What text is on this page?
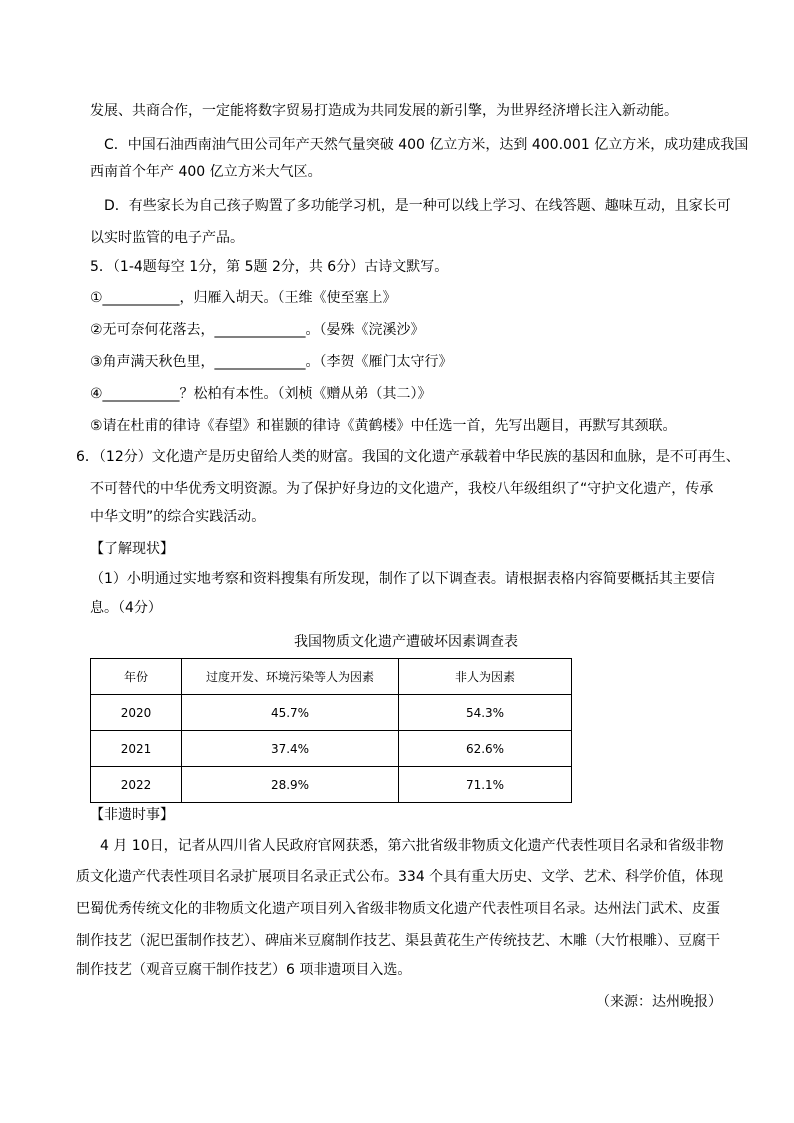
发展、共商合作，一定能将数字贸易打造成为共同发展的新引擎，为世界经济增长注入新动能。
C．中国石油西南油气田公司年产天然气量突破 400 亿立方米，达到 400.001 亿立方米，成功建成我国
西南首个年产 400 亿立方米大气区。
D．有些家长为自己孩子购置了多功能学习机，是一种可以线上学习、在线答题、趣味互动，且家长可
以实时监管的电子产品。
5．（1-4题每空 1分，第 5题 2分，共 6分）古诗文默写。
①___________，归雁入胡天。（王维《使至塞上》
②无可奈何花落去，_____________。（晏殊《浣溪沙》
③角声满天秋色里，_____________。（李贺《雁门太守行》
④___________？松柏有本性。（刘桢《赠从弟（其二）》
⑤请在杜甫的律诗《春望》和崔颢的律诗《黄鹤楼》中任选一首，先写出题目，再默写其颈联。
6．（12分）文化遗产是历史留给人类的财富。我国的文化遗产承载着中华民族的基因和血脉，是不可再生、
不可替代的中华优秀文明资源。为了保护好身边的文化遗产，我校八年级组织了“守护文化遗产，传承
中华文明”的综合实践活动。
【了解现状】
（1）小明通过实地考察和资料搜集有所发现，制作了以下调查表。请根据表格内容简要概括其主要信
息。（4分）
我国物质文化遗产遭破坏因素调查表
年份	过度开发、环境污染等人为因素	非人为因素
2020	45.7%	54.3%
2021	37.4%	62.6%
2022	28.9%	71.1%
【非遗时事】
4 月 10日，记者从四川省人民政府官网获悉，第六批省级非物质文化遗产代表性项目名录和省级非物
质文化遗产代表性项目名录扩展项目名录正式公布。334 个具有重大历史、文学、艺术、科学价值，体现
巴蜀优秀传统文化的非物质文化遗产项目列入省级非物质文化遗产代表性项目名录。达州法门武术、皮蛋
制作技艺（泥巴蛋制作技艺）、碑庙米豆腐制作技艺、渠县黄花生产传统技艺、木雕（大竹根雕）、豆腐干
制作技艺（观音豆腐干制作技艺）6 项非遗项目入选。
（来源：达州晚报）
